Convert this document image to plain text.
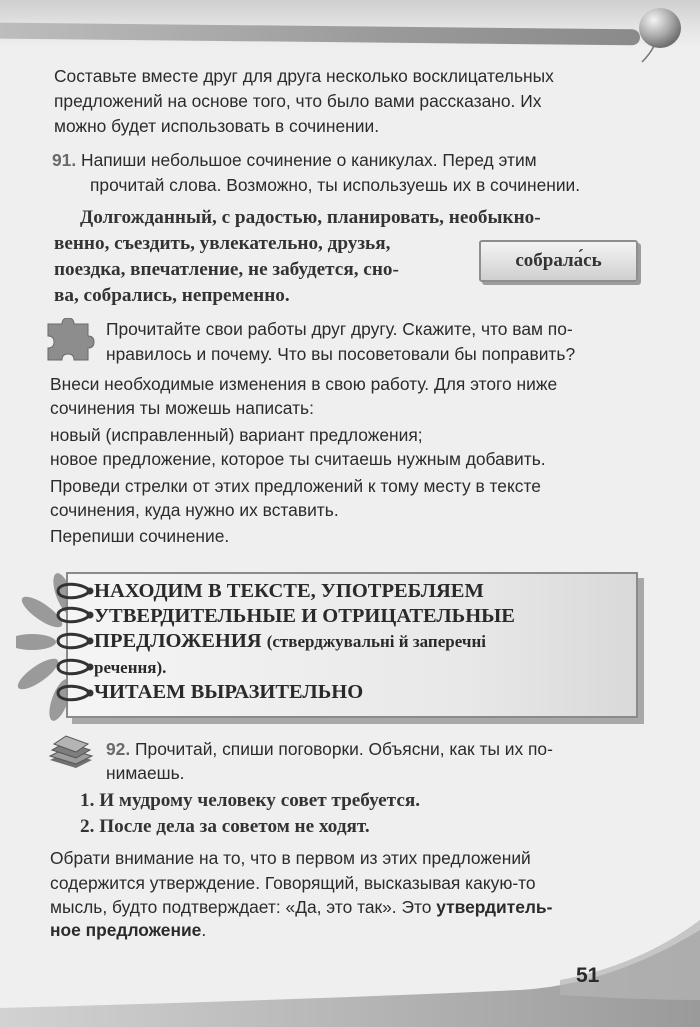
Составьте вместе друг для друга несколько восклицательных

предложений на основе того, что было вами рассказано. Их

можно будет использовать в сочинении.

91. Напиши небольшое сочинение о каникулах. Перед этим

прочитай слова. Возможно, ты используешь их в сочинении.

Долгожданный, с радостью, планировать, необыкно-

венно, съездить, увлекательно, друзья,

поездка, впечатление, не забудется, сно-

ва, собрались, непременно.

собрала́сь

Прочитайте свои работы друг другу. Скажите, что вам по-

нравилось и почему. Что вы посоветовали бы поправить?

Внеси необходимые изменения в свою работу. Для этого ниже

сочинения ты можешь написать:

новый (исправленный) вариант предложения;

новое предложение, которое ты считаешь нужным добавить.

Проведи стрелки от этих предложений к тому месту в тексте

сочинения, куда нужно их вставить.

Перепиши сочинение.

НАХОДИМ В ТЕКСТЕ, УПОТРЕБЛЯЕМ
УТВЕРДИТЕЛЬНЫЕ И ОТРИЦАТЕЛЬНЫЕ
ПРЕДЛОЖЕНИЯ (стверджувальні й заперечні
речення).
ЧИТАЕМ ВЫРАЗИТЕЛЬНО

92. Прочитай, спиши поговорки. Объясни, как ты их по-

нимаешь.

1. И мудрому человеку совет требуется.

2. После дела за советом не ходят.

Обрати внимание на то, что в первом из этих предложений

содержится утверждение. Говорящий, высказывая какую-то

мысль, будто подтверждает: «Да, это так». Это утвердитель-

ное предложение.

51
